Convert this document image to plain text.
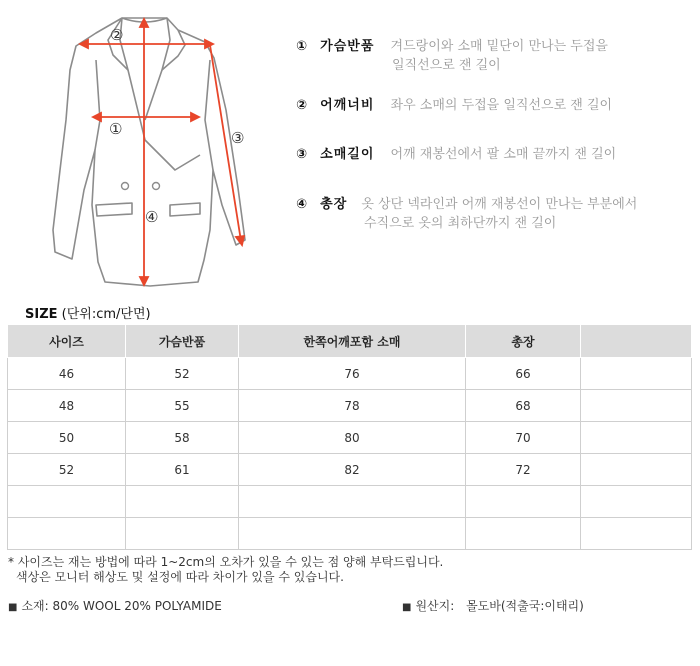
②
①	③
④
① 가슴반품 겨드랑이와 소매 밑단이 만나는 두접을
일직선으로 잰 길이
② 어깨너비 좌우 소매의 두접을 일직선으로 잰 길이
③ 소매길이 어깨 재봉선에서 팔 소매 끝까지 잰 길이
④ 총장 옷 상단 넥라인과 어깨 재봉선이 만나는 부분에서
수직으로 옷의 최하단까지 잰 길이
SIZE (단위:cm/단면)
사이즈	가슴반품	한쪽어깨포함 소매	총장	
46	52	76	66	
48	55	78	68	
50	58	80	70	
52	61	82	72	

* 사이즈는 재는 방법에 따라 1~2cm의 오차가 있을 수 있는 점 양해 부탁드립니다.
색상은 모니터 해상도 및 설정에 따라 차이가 있을 수 있습니다.
■ 소재: 80% WOOL 20% POLYAMIDE	■ 원산지: 몰도바(적출국:이태리)
